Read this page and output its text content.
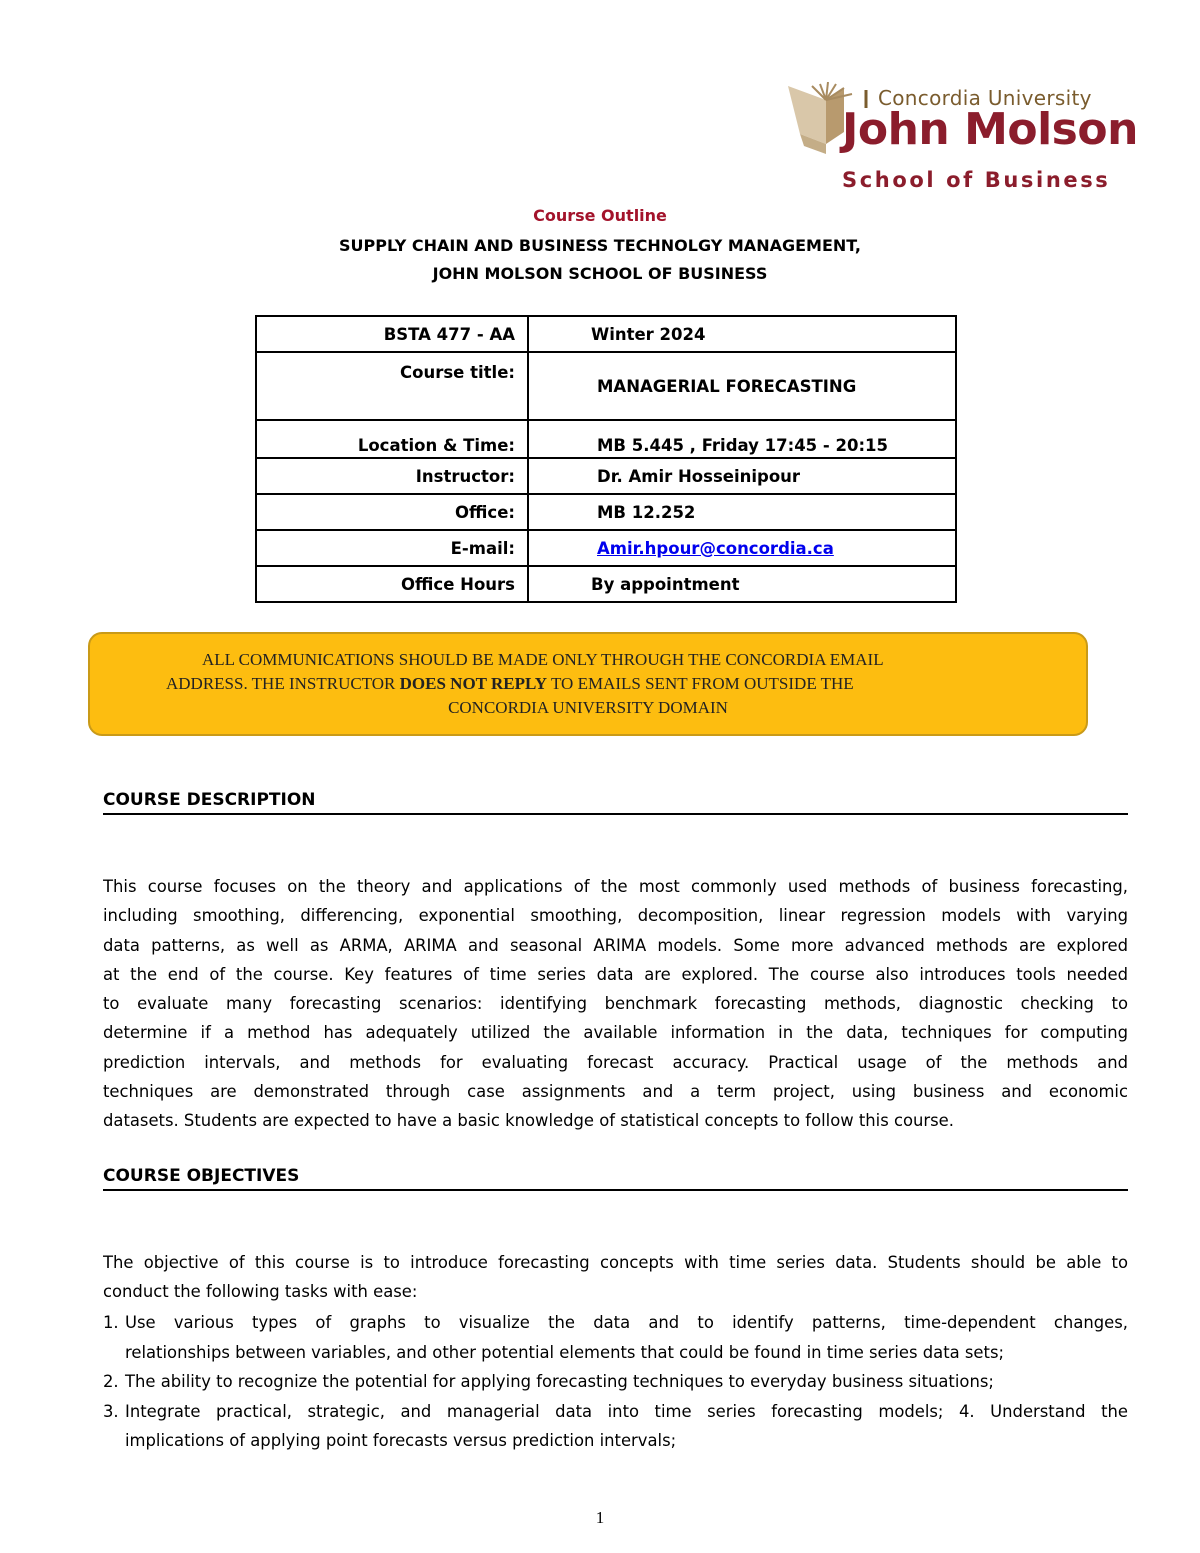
Concordia University
John Molson
School of Business
Course Outline
SUPPLY CHAIN AND BUSINESS TECHNOLGY MANAGEMENT,
JOHN MOLSON SCHOOL OF BUSINESS
BSTA 477 - AA	Winter 2024
Course title:	MANAGERIAL FORECASTING
Location & Time:	MB 5.445 , Friday 17:45 - 20:15
Instructor:	Dr. Amir Hosseinipour
Office:	MB 12.252
E-mail:	Amir.hpour@concordia.ca
Office Hours	By appointment
ALL COMMUNICATIONS SHOULD BE MADE ONLY THROUGH THE CONCORDIA EMAIL
ADDRESS. THE INSTRUCTOR DOES NOT REPLY TO EMAILS SENT FROM OUTSIDE THE
CONCORDIA UNIVERSITY DOMAIN
COURSE DESCRIPTION
This course focuses on the theory and applications of the most commonly used methods of business forecasting,
including smoothing, differencing, exponential smoothing, decomposition, linear regression models with varying
data patterns, as well as ARMA, ARIMA and seasonal ARIMA models. Some more advanced methods are explored
at the end of the course. Key features of time series data are explored. The course also introduces tools needed
to evaluate many forecasting scenarios: identifying benchmark forecasting methods, diagnostic checking to
determine if a method has adequately utilized the available information in the data, techniques for computing
prediction intervals, and methods for evaluating forecast accuracy. Practical usage of the methods and
techniques are demonstrated through case assignments and a term project, using business and economic
datasets. Students are expected to have a basic knowledge of statistical concepts to follow this course.
COURSE OBJECTIVES
The objective of this course is to introduce forecasting concepts with time series data. Students should be able to
conduct the following tasks with ease:
1. Use various types of graphs to visualize the data and to identify patterns, time-dependent changes,
relationships between variables, and other potential elements that could be found in time series data sets;
2. The ability to recognize the potential for applying forecasting techniques to everyday business situations;
3. Integrate practical, strategic, and managerial data into time series forecasting models; 4. Understand the
implications of applying point forecasts versus prediction intervals;
1
